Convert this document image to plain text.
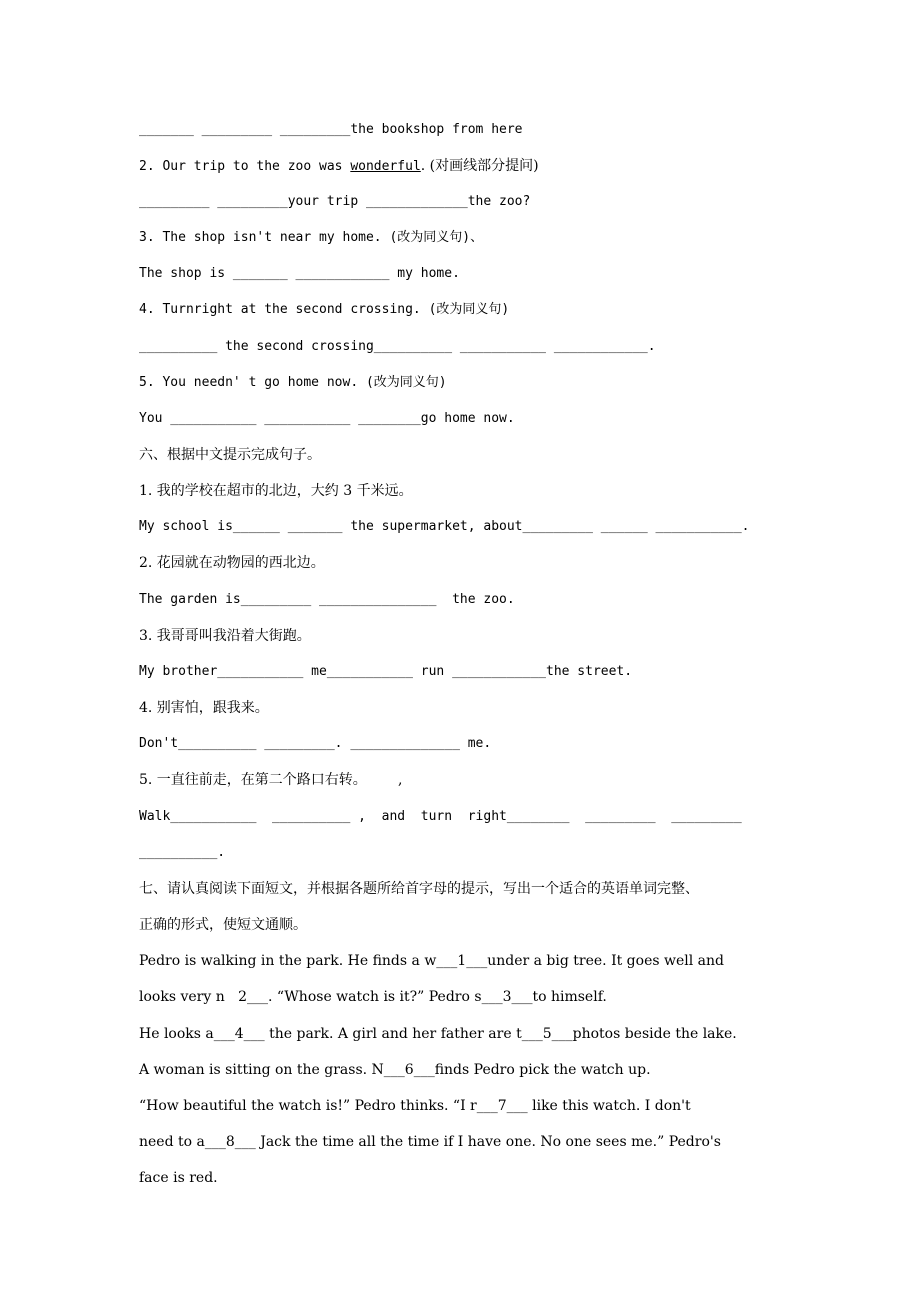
_______ _________ _________the bookshop from here
2. Our trip to the zoo was wonderful. (对画线部分提问)
_________ _________your trip _____________the zoo?
3. The shop isn't near my home. (改为同义句)、
The shop is _______ ____________ my home.
4. Turnright at the second crossing. (改为同义句)
__________ the second crossing__________ ___________ ____________.
5. You needn' t go home now. (改为同义句)
You ___________ ___________ ________go home now.
六、根据中文提示完成句子。
1. 我的学校在超市的北边，大约 3 千米远。
My school is______ _______ the supermarket, about_________ ______ ___________.
2. 花园就在动物园的西北边。
The garden is_________ _______________  the zoo.
3. 我哥哥叫我沿着大街跑。
My brother___________ me___________ run ____________the street.
4. 别害怕，跟我来。
Don't__________ _________. ______________ me.
5. 一直往前走，在第二个路口右转。       ,
Walk___________  __________ ,  and  turn  right________  _________  _________
__________.
七、请认真阅读下面短文，并根据各题所给首字母的提示，写出一个适合的英语单词完整、
正确的形式，使短文通顺。
Pedro is walking in the park. He finds a w___1___under a big tree. It goes well and
looks very n   2___. “Whose watch is it?” Pedro s___3___to himself.
He looks a___4___ the park. A girl and her father are t___5___photos beside the lake.
A woman is sitting on the grass. N___6___finds Pedro pick the watch up.
“How beautiful the watch is!” Pedro thinks. “I r___7___ like this watch. I don't
need to a___8___ Jack the time all the time if I have one. No one sees me.” Pedro's
face is red.
